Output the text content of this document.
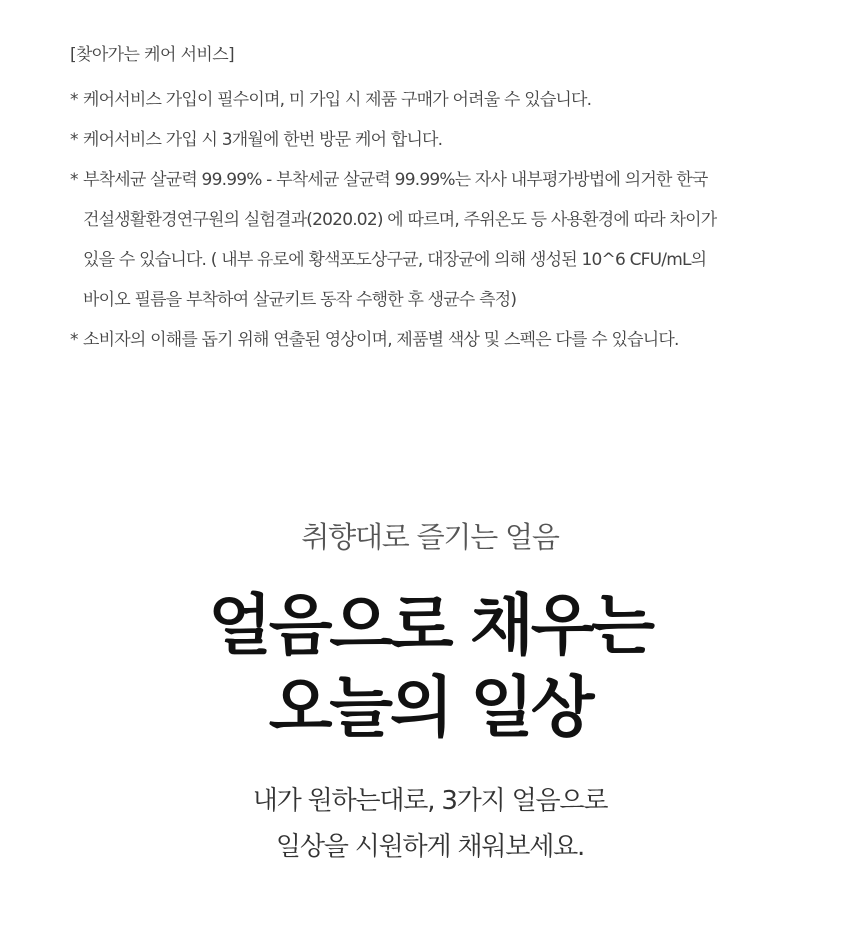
[찾아가는 케어 서비스]
* 케어서비스 가입이 필수이며, 미 가입 시 제품 구매가 어려울 수 있습니다.
* 케어서비스 가입 시 3개월에 한번 방문 케어 합니다.
* 부착세균 살균력 99.99% - 부착세균 살균력 99.99%는 자사 내부평가방법에 의거한 한국
건설생활환경연구원의 실험결과(2020.02) 에 따르며, 주위온도 등 사용환경에 따라 차이가
있을 수 있습니다. ( 내부 유로에 황색포도상구균, 대장균에 의해 생성된 10^6 CFU/mL의
바이오 필름을 부착하여 살균키트 동작 수행한 후 생균수 측정)
* 소비자의 이해를 돕기 위해 연출된 영상이며, 제품별 색상 및 스펙은 다를 수 있습니다.
취향대로 즐기는 얼음
얼음으로 채우는
오늘의 일상

내가 원하는대로, 3가지 얼음으로
일상을 시원하게 채워보세요.
